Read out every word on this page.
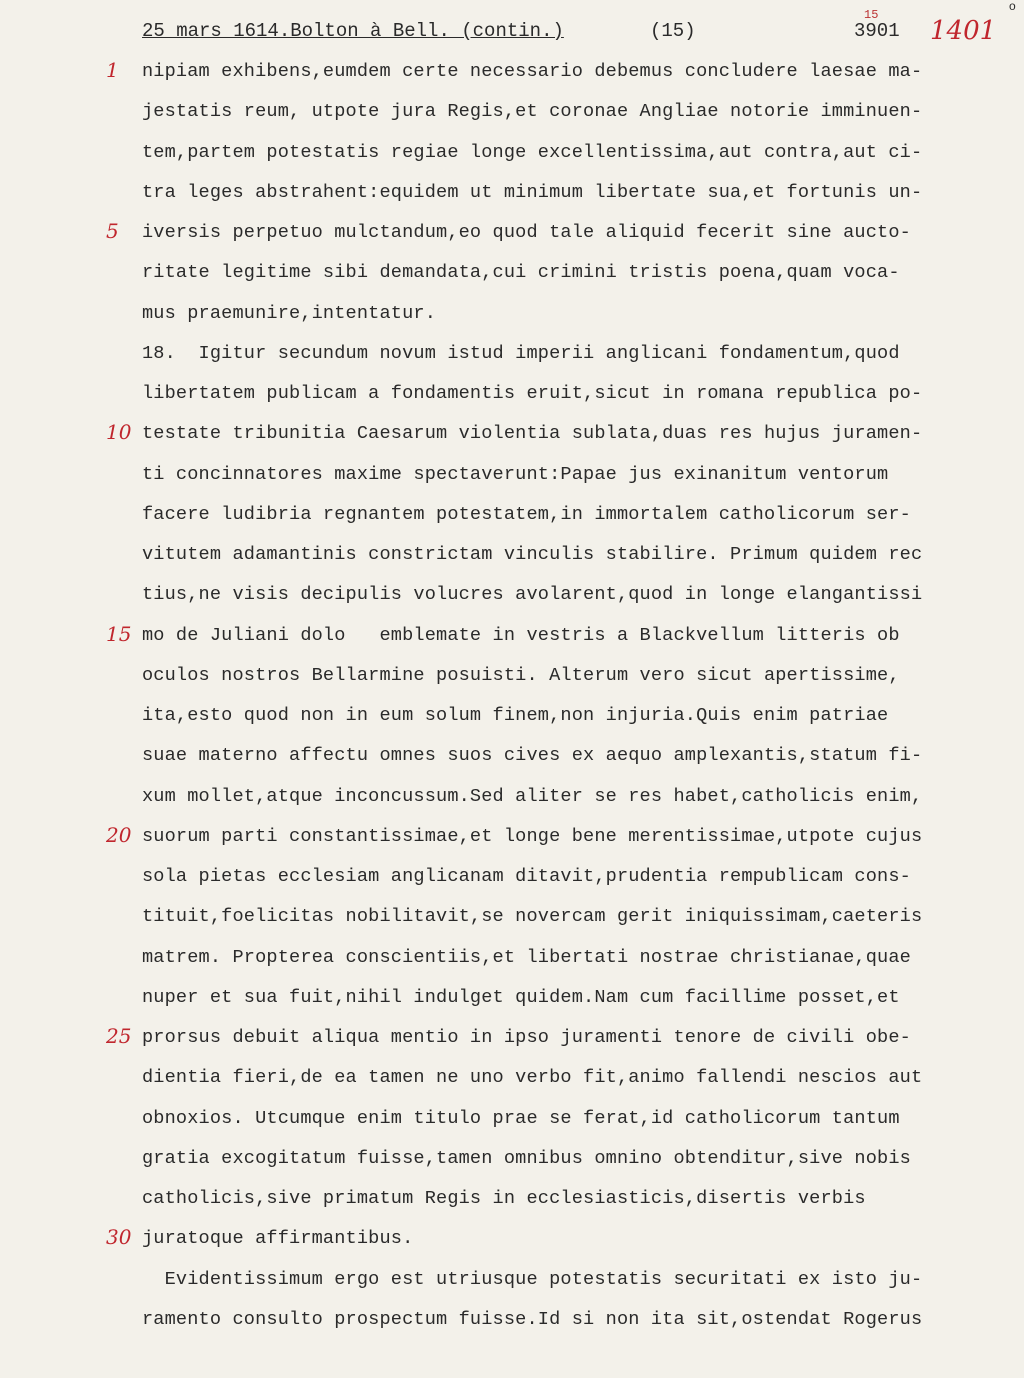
25 mars 1614.Bolton à Bell. (contin.)	(15)
15
3901 1401
o
nipiam exhibens,eumdem certe necessario debemus concludere laesae ma-
jestatis reum, utpote jura Regis,et coronae Angliae notorie imminuen-
tem,partem potestatis regiae longe excellentissima,aut contra,aut ci-
tra leges abstrahent:equidem ut minimum libertate sua,et fortunis un-
iversis perpetuo mulctandum,eo quod tale aliquid fecerit sine aucto-
ritate legitime sibi demandata,cui crimini tristis poena,quam voca-
mus praemunire,intentatur.
18.  Igitur secundum novum istud imperii anglicani fondamentum,quod
libertatem publicam a fondamentis eruit,sicut in romana republica po-
testate tribunitia Caesarum violentia sublata,duas res hujus juramen-
ti concinnatores maxime spectaverunt:Papae jus exinanitum ventorum
facere ludibria regnantem potestatem,in immortalem catholicorum ser-
vitutem adamantinis constrictam vinculis stabilire. Primum quidem rec
tius,ne visis decipulis volucres avolarent,quod in longe elangantissi
mo de Juliani dolo   emblemate in vestris a Blackvellum litteris ob
oculos nostros Bellarmine posuisti. Alterum vero sicut apertissime,
ita,esto quod non in eum solum finem,non injuria.Quis enim patriae
suae materno affectu omnes suos cives ex aequo amplexantis,statum fi-
xum mollet,atque inconcussum.Sed aliter se res habet,catholicis enim,
suorum parti constantissimae,et longe bene merentissimae,utpote cujus
sola pietas ecclesiam anglicanam ditavit,prudentia rempublicam cons-
tituit,foelicitas nobilitavit,se novercam gerit iniquissimam,caeteris
matrem. Propterea conscientiis,et libertati nostrae christianae,quae
nuper et sua fuit,nihil indulget quidem.Nam cum facillime posset,et
prorsus debuit aliqua mentio in ipso juramenti tenore de civili obe-
dientia fieri,de ea tamen ne uno verbo fit,animo fallendi nescios aut
obnoxios. Utcumque enim titulo prae se ferat,id catholicorum tantum
gratia excogitatum fuisse,tamen omnibus omnino obtenditur,sive nobis
catholicis,sive primatum Regis in ecclesiasticis,disertis verbis
juratoque affirmantibus.
Evidentissimum ergo est utriusque potestatis securitati ex isto ju-
ramento consulto prospectum fuisse.Id si non ita sit,ostendat Rogerus
1
5
10
15
20
25
30
